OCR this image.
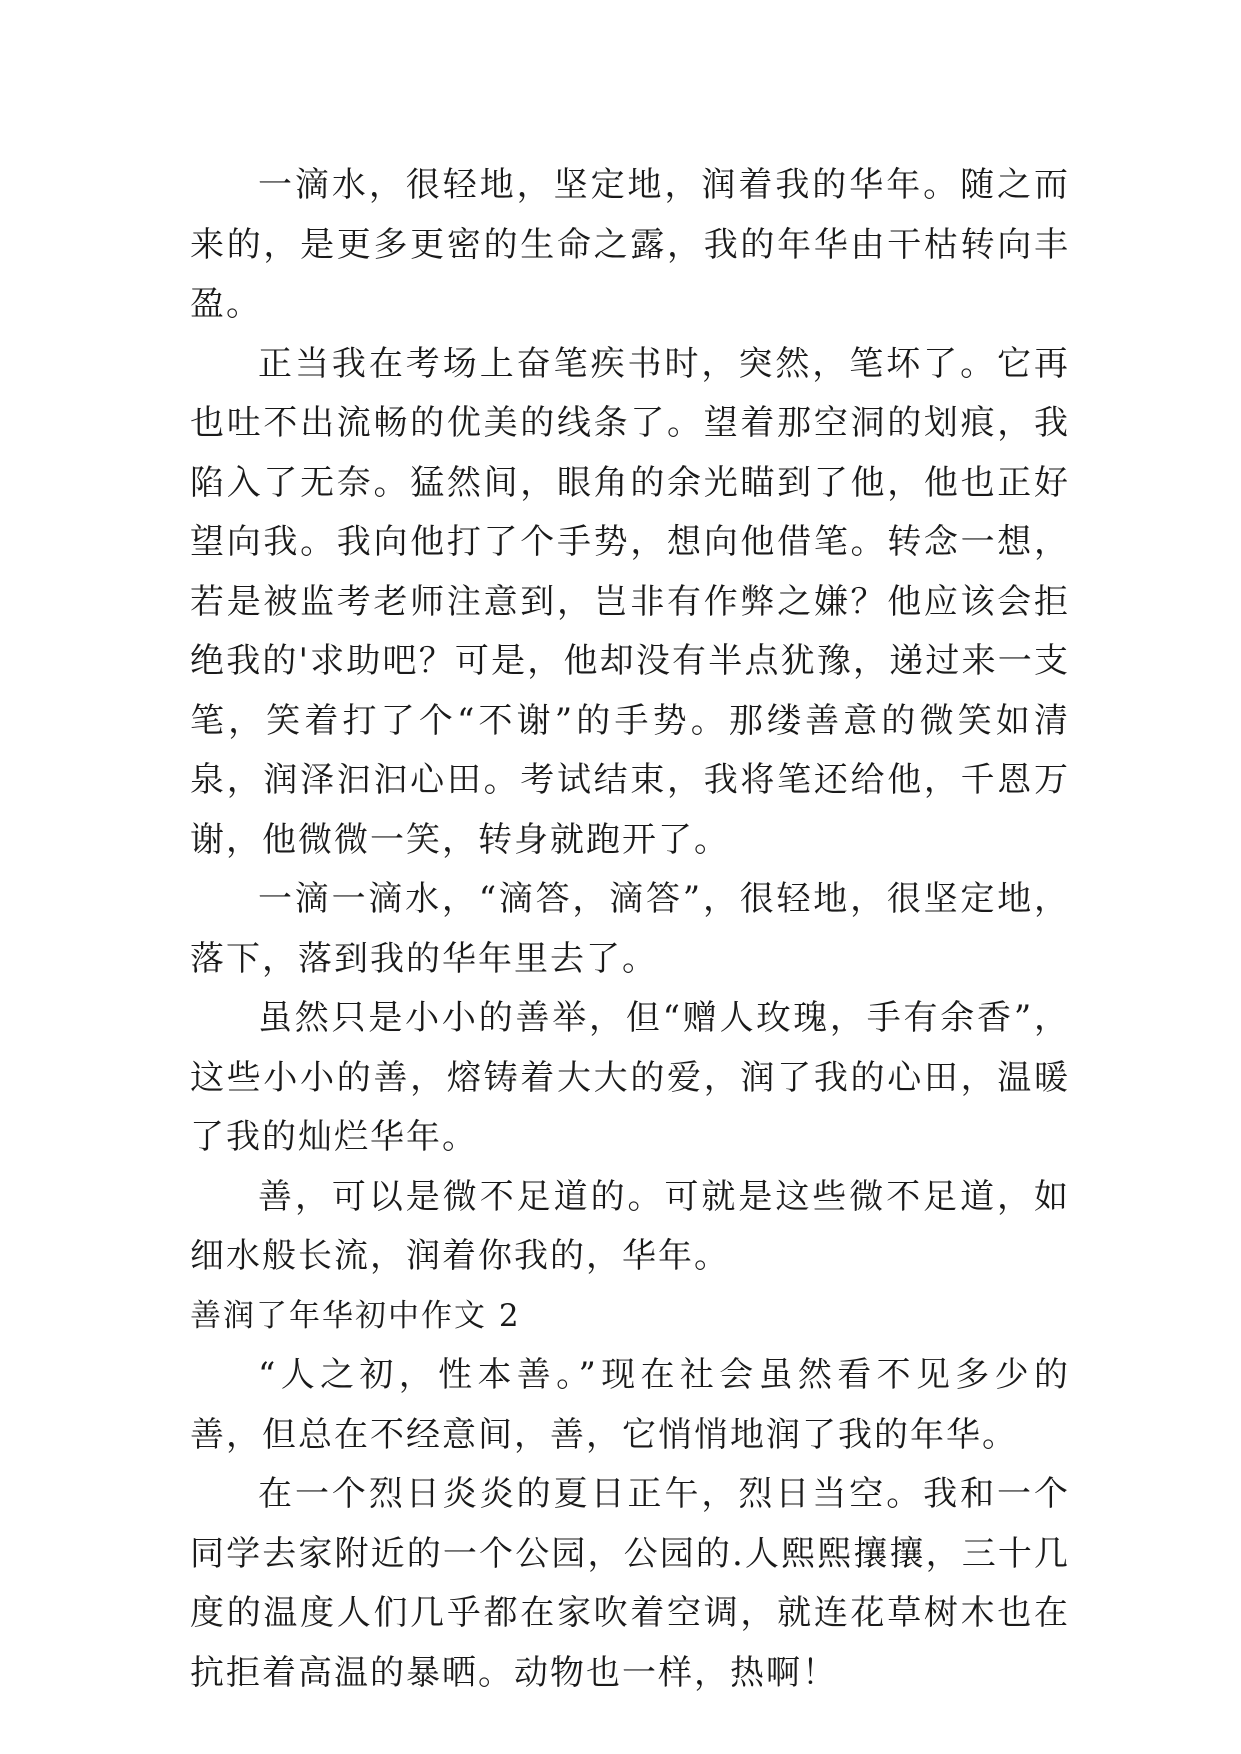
一滴水，很轻地，坚定地，润着我的华年。随之而来的，是更多更密的生命之露，我的年华由干枯转向丰盈。

正当我在考场上奋笔疾书时，突然，笔坏了。它再也吐不出流畅的优美的线条了。望着那空洞的划痕，我陷入了无奈。猛然间，眼角的余光瞄到了他，他也正好望向我。我向他打了个手势，想向他借笔。转念一想，若是被监考老师注意到，岂非有作弊之嫌？他应该会拒绝我的'求助吧？可是，他却没有半点犹豫，递过来一支笔，笑着打了个“不谢”的手势。那缕善意的微笑如清泉，润泽汩汩心田。考试结束，我将笔还给他，千恩万谢，他微微一笑，转身就跑开了。

一滴一滴水，“滴答，滴答”，很轻地，很坚定地，落下，落到我的华年里去了。

虽然只是小小的善举，但“赠人玫瑰，手有余香”，这些小小的善，熔铸着大大的爱，润了我的心田，温暖了我的灿烂华年。

善，可以是微不足道的。可就是这些微不足道，如细水般长流，润着你我的，华年。

善润了年华初中作文 2

“人之初，性本善。”现在社会虽然看不见多少的善，但总在不经意间，善，它悄悄地润了我的年华。

在一个烈日炎炎的夏日正午，烈日当空。我和一个同学去家附近的一个公园，公园的.人熙熙攘攘，三十几度的温度人们几乎都在家吹着空调，就连花草树木也在抗拒着高温的暴晒。动物也一样，热啊！
